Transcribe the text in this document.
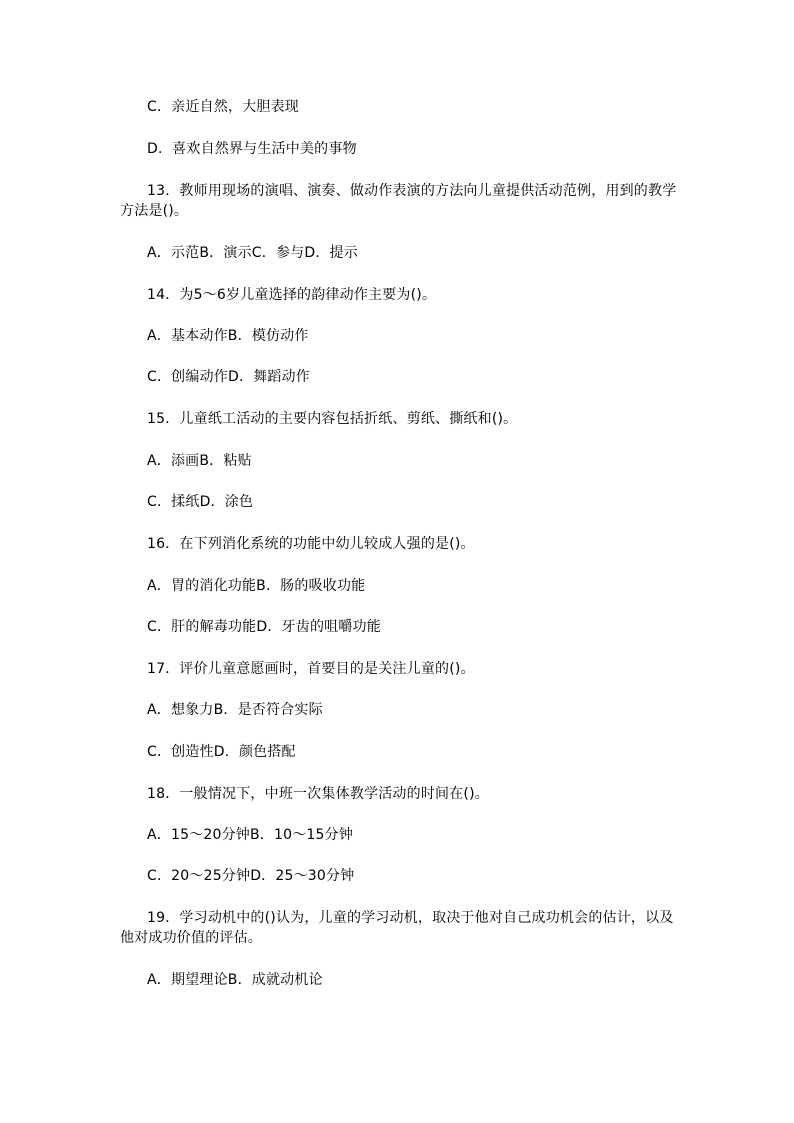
C．亲近自然，大胆表现
D．喜欢自然界与生活中美的事物
13．教师用现场的演唱、演奏、做动作表演的方法向儿童提供活动范例，用到的教学
方法是()。
A．示范B．演示C．参与D．提示
14．为5～6岁儿童选择的韵律动作主要为()。
A．基本动作B．模仿动作
C．创编动作D．舞蹈动作
15．儿童纸工活动的主要内容包括折纸、剪纸、撕纸和()。
A．添画B．粘贴
C．揉纸D．涂色
16．在下列消化系统的功能中幼儿较成人强的是()。
A．胃的消化功能B．肠的吸收功能
C．肝的解毒功能D．牙齿的咀嚼功能
17．评价儿童意愿画时，首要目的是关注儿童的()。
A．想象力B．是否符合实际
C．创造性D．颜色搭配
18．一般情况下，中班一次集体教学活动的时间在()。
A．15～20分钟B．10～15分钟
C．20～25分钟D．25～30分钟
19．学习动机中的()认为，儿童的学习动机，取决于他对自己成功机会的估计，以及
他对成功价值的评估。
A．期望理论B．成就动机论
